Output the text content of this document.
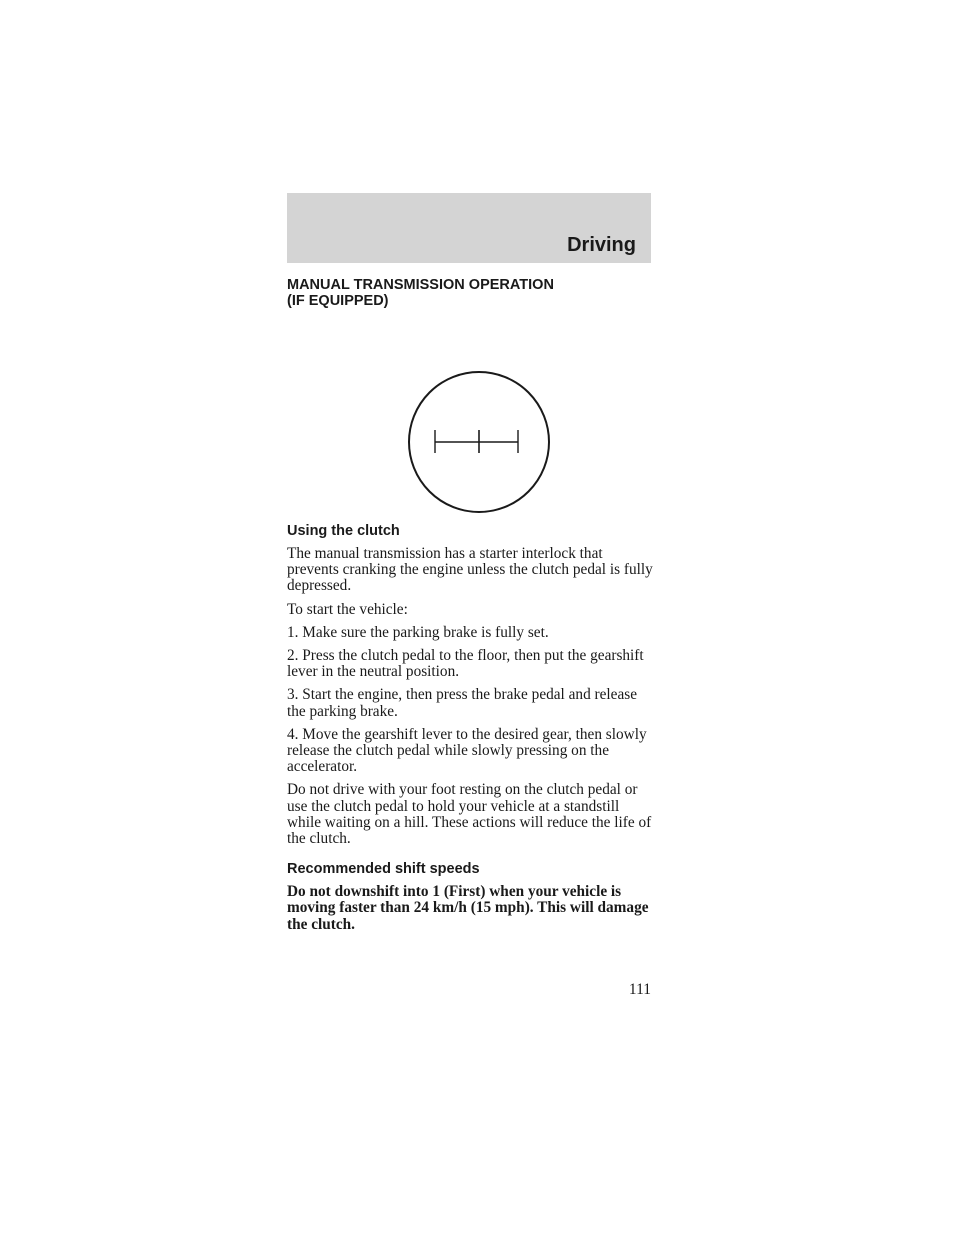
Driving
MANUAL TRANSMISSION OPERATION
(IF EQUIPPED)
Using the clutch

The manual transmission has a starter interlock that prevents cranking the engine unless the clutch pedal is fully depressed.

To start the vehicle:

1. Make sure the parking brake is fully set.

2. Press the clutch pedal to the floor, then put the gearshift lever in the neutral position.

3. Start the engine, then press the brake pedal and release the parking brake.

4. Move the gearshift lever to the desired gear, then slowly release the clutch pedal while slowly pressing on the accelerator.

Do not drive with your foot resting on the clutch pedal or use the clutch pedal to hold your vehicle at a standstill while waiting on a hill. These actions will reduce the life of the clutch.

Recommended shift speeds

Do not downshift into 1 (First) when your vehicle is moving faster than 24 km/h (15 mph). This will damage the clutch.

111
